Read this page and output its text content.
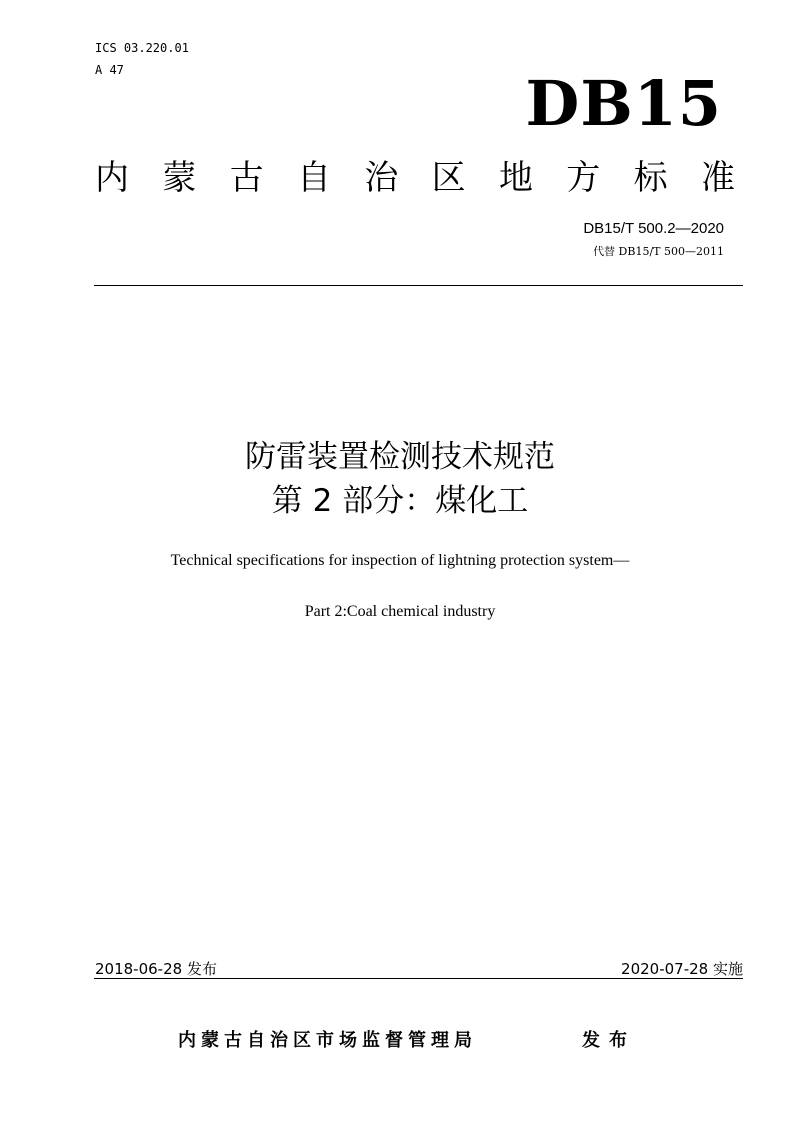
ICS 03.220.01
A 47	DB15
内 蒙 古 自 治 区 地 方 标 准
DB15/T 500.2—2020
代替 DB15/T 500—2011
防雷装置检测技术规范
第 2 部分：煤化工
Technical specifications for inspection of lightning protection system—
Part 2:Coal chemical industry
2018-06-28 发布	2020-07-28 实施
内蒙古自治区市场监督管理局	发布
